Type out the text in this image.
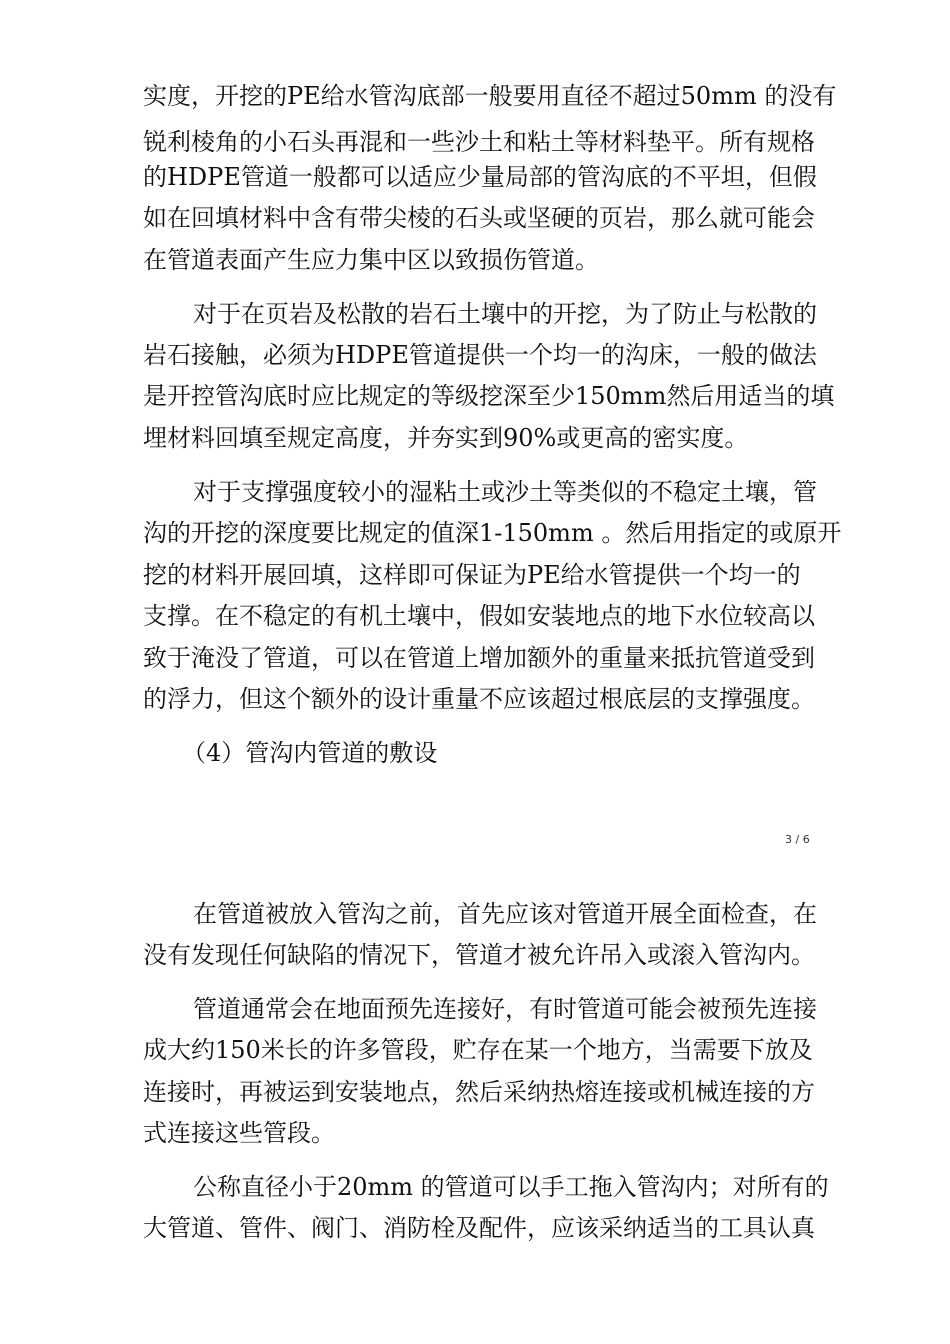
实度，开挖的PE给水管沟底部一般要用直径不超过50mm 的没有
锐利棱角的小石头再混和一些沙土和粘土等材料垫平。所有规格
的HDPE管道一般都可以适应少量局部的管沟底的不平坦，但假
如在回填材料中含有带尖棱的石头或坚硬的页岩，那么就可能会
在管道表面产生应力集中区以致损伤管道。
对于在页岩及松散的岩石土壤中的开挖，为了防止与松散的
岩石接触，必须为HDPE管道提供一个均一的沟床，一般的做法
是开控管沟底时应比规定的等级挖深至少150mm然后用适当的填
埋材料回填至规定高度，并夯实到90%或更高的密实度。
对于支撑强度较小的湿粘土或沙土等类似的不稳定土壤，管
沟的开挖的深度要比规定的值深1-150mm 。然后用指定的或原开
挖的材料开展回填，这样即可保证为PE给水管提供一个均一的
支撑。在不稳定的有机土壤中，假如安装地点的地下水位较高以
致于淹没了管道，可以在管道上增加额外的重量来抵抗管道受到
的浮力，但这个额外的设计重量不应该超过根底层的支撑强度。
（4）管沟内管道的敷设
3 / 6
在管道被放入管沟之前，首先应该对管道开展全面检查，在
没有发现任何缺陷的情况下，管道才被允许吊入或滚入管沟内。
管道通常会在地面预先连接好，有时管道可能会被预先连接
成大约150米长的许多管段，贮存在某一个地方，当需要下放及
连接时，再被运到安装地点，然后采纳热熔连接或机械连接的方
式连接这些管段。
公称直径小于20mm 的管道可以手工拖入管沟内；对所有的
大管道、管件、阀门、消防栓及配件，应该采纳适当的工具认真
